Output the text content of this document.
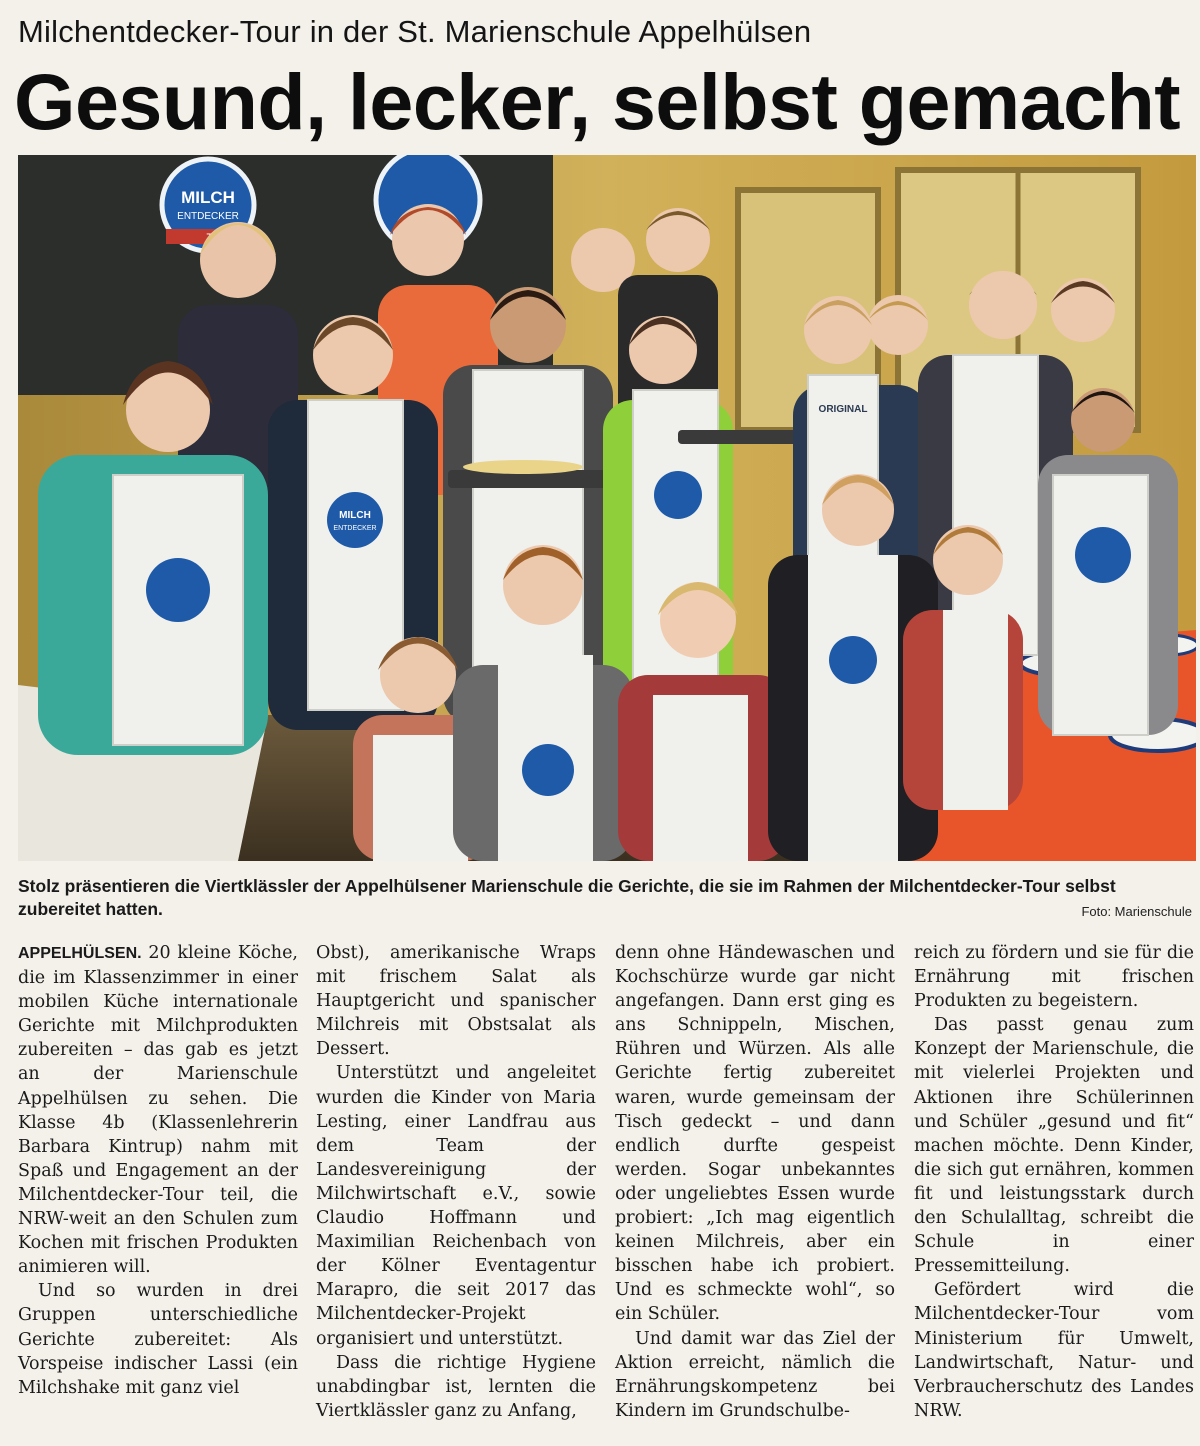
Milchentdecker-Tour in der St. Marienschule Appelhülsen
Gesund, lecker, selbst gemacht
MILCH
ENTDECKER
MILCH
ENTDECKER
ORIGINAL
Stolz präsentieren die Viertklässler der Appelhülsener Marienschule die Gerichte, die sie im Rahmen der Milchentdecker-Tour selbst zubereitet hatten.	Foto: Marienschule

APPELHÜLSEN. 20 kleine Köche, die im Klassenzimmer in einer mobilen Küche internationale Gerichte mit Milchprodukten zubereiten – das gab es jetzt an der Marienschule Appelhülsen zu sehen. Die Klasse 4b (Klassenlehrerin Barbara Kintrup) nahm mit Spaß und Engagement an der Milchentdecker-Tour teil, die NRW-weit an den Schulen zum Kochen mit frischen Produkten animieren will.

Und so wurden in drei Gruppen unterschiedliche Gerichte zubereitet: Als Vorspeise indischer Lassi (ein Milchshake mit ganz viel

Obst), amerikanische Wraps mit frischem Salat als Hauptgericht und spanischer Milchreis mit Obstsalat als Dessert.

Unterstützt und angeleitet wurden die Kinder von Maria Lesting, einer Landfrau aus dem Team der Landesvereinigung der Milchwirtschaft e.V., sowie Claudio Hoffmann und Maximilian Reichenbach von der Kölner Eventagentur Marapro, die seit 2017 das Milchentdecker-Projekt organisiert und unterstützt.

Dass die richtige Hygiene unabdingbar ist, lernten die Viertklässler ganz zu Anfang,

denn ohne Händewaschen und Kochschürze wurde gar nicht angefangen. Dann erst ging es ans Schnippeln, Mischen, Rühren und Würzen. Als alle Gerichte fertig zubereitet waren, wurde gemeinsam der Tisch gedeckt – und dann endlich durfte gespeist werden. Sogar unbekanntes oder ungeliebtes Essen wurde probiert: „Ich mag eigentlich keinen Milchreis, aber ein bisschen habe ich probiert. Und es schmeckte wohl“, so ein Schüler.

Und damit war das Ziel der Aktion erreicht, nämlich die Ernährungskompetenz bei Kindern im Grundschulbe-

reich zu fördern und sie für die Ernährung mit frischen Produkten zu begeistern.

Das passt genau zum Konzept der Marienschule, die mit vielerlei Projekten und Aktionen ihre Schülerinnen und Schüler „gesund und fit“ machen möchte. Denn Kinder, die sich gut ernähren, kommen fit und leistungsstark durch den Schulalltag, schreibt die Schule in einer Pressemitteilung.

Gefördert wird die Milchentdecker-Tour vom Ministerium für Umwelt, Landwirtschaft, Natur- und Verbraucherschutz des Landes NRW.
